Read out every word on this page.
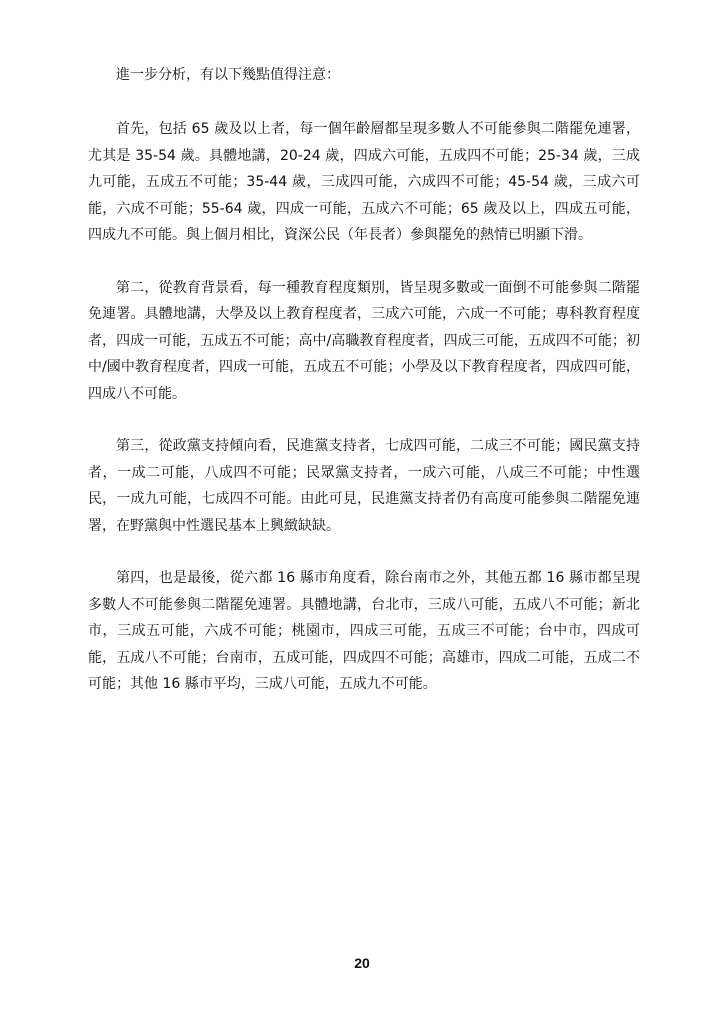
進一步分析，有以下幾點值得注意：

首先，包括 65 歲及以上者，每一個年齡層都呈現多數人不可能參與二階罷免連署，尤其是 35-54 歲。具體地講，20-24 歲，四成六可能，五成四不可能；25-34 歲，三成九可能，五成五不可能；35-44 歲，三成四可能，六成四不可能；45-54 歲，三成六可能，六成不可能；55-64 歲，四成一可能，五成六不可能；65 歲及以上，四成五可能，四成九不可能。與上個月相比，資深公民（年長者）參與罷免的熱情已明顯下滑。

第二，從教育背景看，每一種教育程度類別，皆呈現多數或一面倒不可能參與二階罷免連署。具體地講，大學及以上教育程度者，三成六可能，六成一不可能；專科教育程度者，四成一可能，五成五不可能；高中/高職教育程度者，四成三可能，五成四不可能；初中/國中教育程度者，四成一可能，五成五不可能；小學及以下教育程度者，四成四可能，四成八不可能。

第三，從政黨支持傾向看，民進黨支持者，七成四可能，二成三不可能；國民黨支持者，一成二可能，八成四不可能；民眾黨支持者，一成六可能，八成三不可能；中性選民，一成九可能，七成四不可能。由此可見，民進黨支持者仍有高度可能參與二階罷免連署，在野黨與中性選民基本上興緻缺缺。

第四，也是最後，從六都 16 縣市角度看，除台南市之外，其他五都 16 縣市都呈現多數人不可能參與二階罷免連署。具體地講，台北市，三成八可能，五成八不可能；新北市，三成五可能，六成不可能；桃園市，四成三可能，五成三不可能；台中市，四成可能，五成八不可能；台南市，五成可能，四成四不可能；高雄市，四成二可能，五成二不可能；其他 16 縣市平均，三成八可能，五成九不可能。

20
